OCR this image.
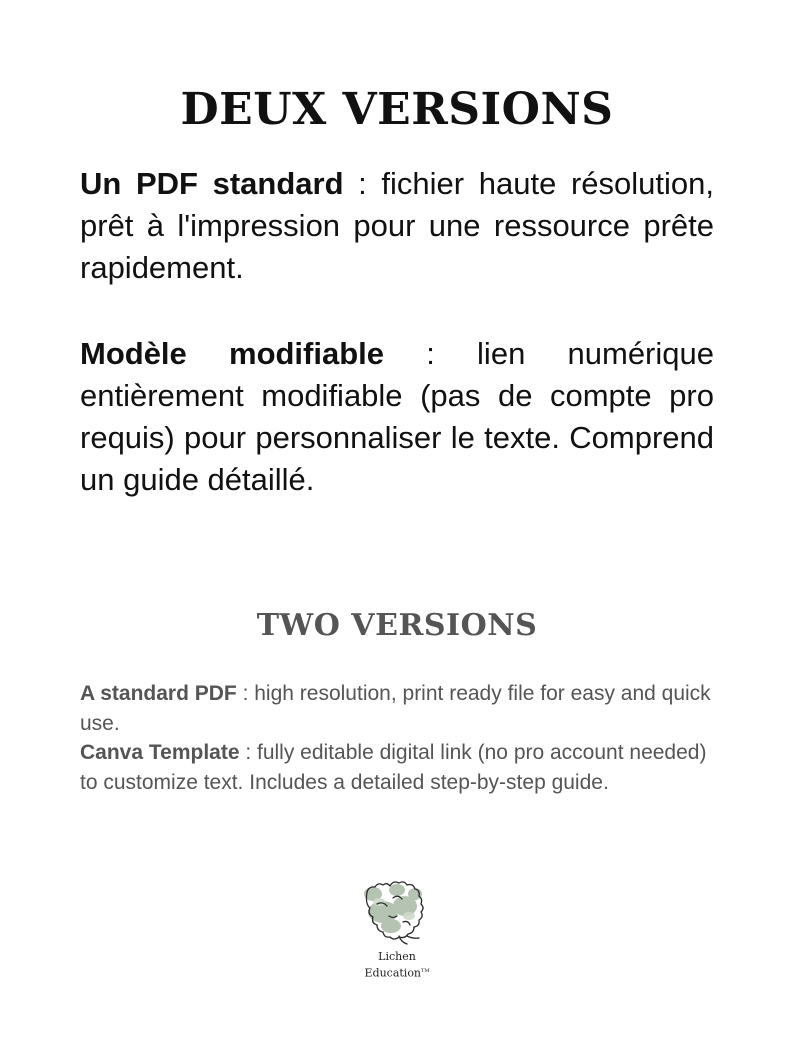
DEUX VERSIONS

Un PDF standard : fichier haute résolution, prêt à l'impression pour une ressource prête rapidement.

Modèle modifiable : lien numérique entièrement modifiable (pas de compte pro requis) pour personnaliser le texte. Comprend un guide détaillé.

TWO VERSIONS

A standard PDF : high resolution, print ready file for easy and quick use.

Canva Template : fully editable digital link (no pro account needed) to customize text. Includes a detailed step-by-step guide.

Lichen
Education™
